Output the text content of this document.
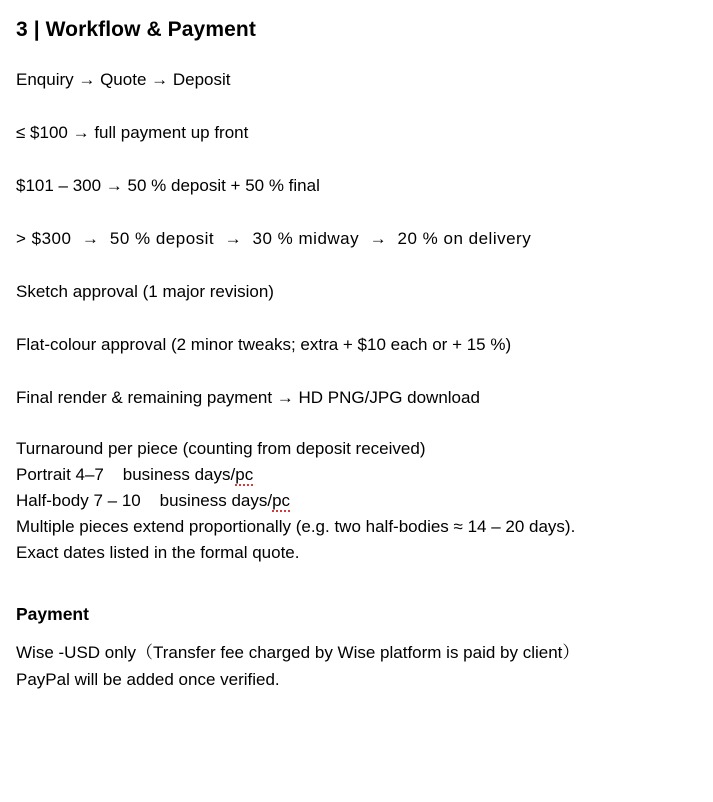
3 | Workflow & Payment

Enquiry → Quote → Deposit

≤ $100 → full payment up front

$101 – 300 → 50 % deposit + 50 % final

> $300  →  50 % deposit  →  30 % midway  →  20 % on delivery

Sketch approval (1 major revision)

Flat-colour approval (2 minor tweaks; extra + $10 each or + 15 %)

Final render & remaining payment → HD PNG/JPG download

Turnaround per piece (counting from deposit received)

Portrait 4–7    business days/pc

Half-body 7 – 10    business days/pc

Multiple pieces extend proportionally (e.g. two half-bodies ≈ 14 – 20 days).

Exact dates listed in the formal quote.

Payment

Wise -USD only（Transfer fee charged by Wise platform is paid by client）

PayPal will be added once verified.
